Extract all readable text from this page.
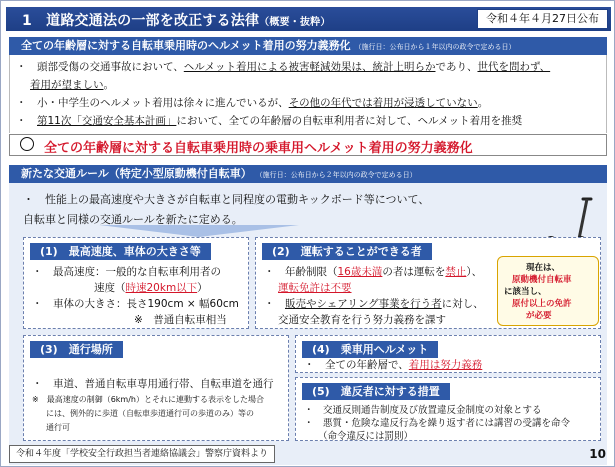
1　道路交通法の一部を改正する法律（概要・抜粋）	令和４年４月27日公布
全ての年齢層に対する自転車乗用時のヘルメット着用の努力義務化 （施行日：公布日から１年以内の政令で定める日）
・　頭部受傷の交通事故において、ヘルメット着用による被害軽減効果は、統計上明らかであり、世代を問わず、
着用が望ましい。
・　小・中学生のヘルメット着用は徐々に進んでいるが、その他の年代では着用が浸透していない。
・　第11次「交通安全基本計画」において、全ての年齢層の自転車利用者に対して、ヘルメット着用を推奨
全ての年齢層に対する自転車乗用時の乗車用ヘルメット着用の努力義務化
新たな交通ルール（特定小型原動機付自転車） （施行日：公布日から２年以内の政令で定める日）
・　性能上の最高速度や大きさが自転車と同程度の電動キックボード等について、
自転車と同様の交通ルールを新たに定める。
(1)　最高速度、車体の大きさ等
・　最高速度：一般的な自転車利用者の
速度（時速20km以下）
・　車体の大きさ：長さ190cm × 幅60cm
※　普通自転車相当
(2)　運転することができる者
・　年齢制限（16歳未満の者は運転を禁止）、
運転免許は不要
・　販売やシェアリング事業を行う者に対し、
交通安全教育を行う努力義務を課す
現在は、
原動機付自転車
に該当し、
原付以上の免許
が必要
(3)　通行場所
・　車道、普通自転車専用通行帯、自転車道を通行
※　最高速度の制御（6km/h）とそれに連動する表示をした場合
には、例外的に歩道（自転車歩道通行可の歩道のみ）等の
通行可
(4)　乗車用ヘルメット
・　全ての年齢層で、着用は努力義務
(5)　違反者に対する措置
・　交通反則通告制度及び放置違反金制度の対象とする
・　悪質・危険な違反行為を繰り返す者には講習の受講を命令
（命令違反には罰則）
令和４年度「学校安全行政担当者連絡協議会」警察庁資料より	10
